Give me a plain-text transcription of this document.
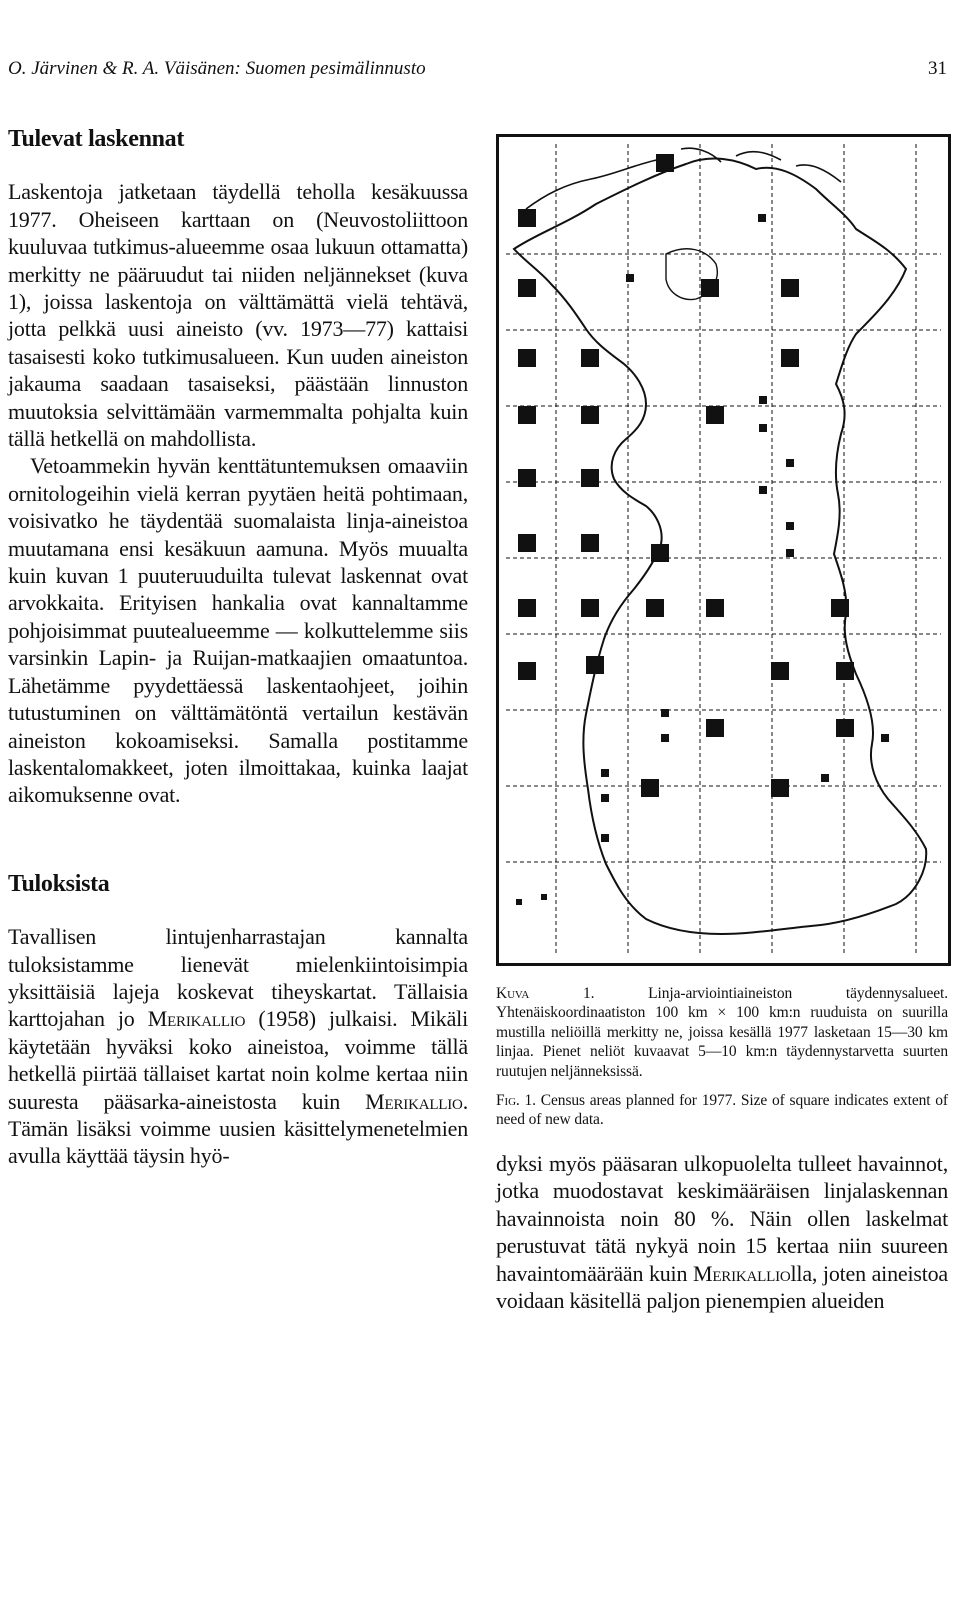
O. Järvinen & R. A. Väisänen: Suomen pesimälinnusto	31
Tulevat laskennat

Laskentoja jatketaan täydellä teholla kesäkuussa 1977. Oheiseen karttaan on (Neuvostoliittoon kuuluvaa tutkimus-alueemme osaa lukuun ottamatta) merkitty ne pääruudut tai niiden neljännekset (kuva 1), joissa laskentoja on välttämättä vielä tehtävä, jotta pelkkä uusi aineisto (vv. 1973—77) kattaisi tasaisesti koko tutkimusalueen. Kun uuden aineiston jakauma saadaan tasaiseksi, päästään linnuston muutoksia selvittämään varmemmalta pohjalta kuin tällä hetkellä on mahdollista.

Vetoammekin hyvän kenttätuntemuksen omaaviin ornitologeihin vielä kerran pyytäen heitä pohtimaan, voisivatko he täydentää suomalaista linja-aineistoa muutamana ensi kesäkuun aamuna. Myös muualta kuin kuvan 1 puuteruuduilta tulevat laskennat ovat arvokkaita. Erityisen hankalia ovat kannaltamme pohjoisimmat puutealueemme — kolkuttelemme siis varsinkin Lapin- ja Ruijan-matkaajien omaatuntoa. Lähetämme pyydettäessä laskentaohjeet, joihin tutustuminen on välttämätöntä vertailun kestävän aineiston kokoamiseksi. Samalla postitamme laskentalomakkeet, joten ilmoittakaa, kuinka laajat aikomuksenne ovat.

Tuloksista

Tavallisen lintujenharrastajan kannalta tuloksistamme lienevät mielenkiintoisimpia yksittäisiä lajeja koskevat tiheyskartat. Tällaisia karttojahan jo Merikallio (1958) julkaisi. Mikäli käytetään hyväksi koko aineistoa, voimme tällä hetkellä piirtää tällaiset kartat noin kolme kertaa niin suuresta pääsarka-aineistosta kuin Merikallio. Tämän lisäksi voimme uusien käsittelymenetelmien avulla käyttää täysin hyö-

Kuva 1. Linja-arviointiaineiston täydennysalueet. Yhtenäiskoordinaatiston 100 km × 100 km:n ruuduista on suurilla mustilla neliöillä merkitty ne, joissa kesällä 1977 lasketaan 15—30 km linjaa. Pienet neliöt kuvaavat 5—10 km:n täydennystarvetta suurten ruutujen neljänneksissä.

Fig. 1. Census areas planned for 1977. Size of square indicates extent of need of new data.

dyksi myös pääsaran ulkopuolelta tulleet havainnot, jotka muodostavat keskimääräisen linjalaskennan havainnoista noin 80 %. Näin ollen laskelmat perustuvat tätä nykyä noin 15 kertaa niin suureen havaintomäärään kuin Merikalliolla, joten aineistoa voidaan käsitellä paljon pienempien alueiden
